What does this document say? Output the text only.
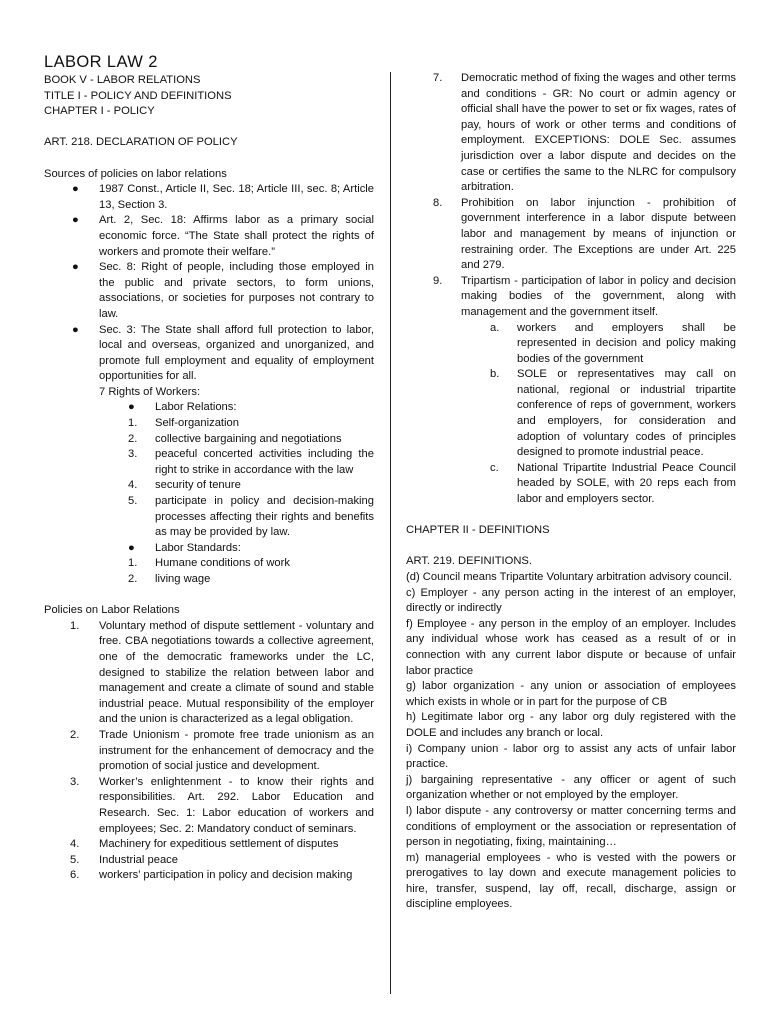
LABOR LAW 2

BOOK V - LABOR RELATIONS

TITLE I - POLICY AND DEFINITIONS

CHAPTER I - POLICY

ART. 218. DECLARATION OF POLICY

Sources of policies on labor relations

● 1987 Const., Article II, Sec. 18; Article III, sec. 8; Article 13, Section 3.
● Art. 2, Sec. 18: Affirms labor as a primary social economic force. “The State shall protect the rights of workers and promote their welfare.”
● Sec. 8: Right of people, including those employed in the public and private sectors, to form unions, associations, or societies for purposes not contrary to law.
● Sec. 3: The State shall afford full protection to labor, local and overseas, organized and unorganized, and promote full employment and equality of employment opportunities for all.

7 Rights of Workers:

● Labor Relations:
1. Self-organization
2. collective bargaining and negotiations
3. peaceful concerted activities including the right to strike in accordance with the law
4. security of tenure
5. participate in policy and decision-making processes affecting their rights and benefits as may be provided by law.
● Labor Standards:
1. Humane conditions of work
2. living wage

Policies on Labor Relations

1. Voluntary method of dispute settlement - voluntary and free. CBA negotiations towards a collective agreement, one of the democratic frameworks under the LC, designed to stabilize the relation between labor and management and create a climate of sound and stable industrial peace. Mutual responsibility of the employer and the union is characterized as a legal obligation.
2. Trade Unionism - promote free trade unionism as an instrument for the enhancement of democracy and the promotion of social justice and development.
3. Worker’s enlightenment - to know their rights and responsibilities. Art. 292. Labor Education and Research. Sec. 1: Labor education of workers and employees; Sec. 2: Mandatory conduct of seminars.
4. Machinery for expeditious settlement of disputes
5. Industrial peace
6. workers’ participation in policy and decision making
7. Democratic method of fixing the wages and other terms and conditions - GR: No court or admin agency or official shall have the power to set or fix wages, rates of pay, hours of work or other terms and conditions of employment. EXCEPTIONS: DOLE Sec. assumes jurisdiction over a labor dispute and decides on the case or certifies the same to the NLRC for compulsory arbitration.
8. Prohibition on labor injunction - prohibition of government interference in a labor dispute between labor and management by means of injunction or restraining order. The Exceptions are under Art. 225 and 279.
9. Tripartism - participation of labor in policy and decision making bodies of the government, along with management and the government itself.
a. workers and employers shall be represented in decision and policy making bodies of the government
b. SOLE or representatives may call on national, regional or industrial tripartite conference of reps of government, workers and employers, for consideration and adoption of voluntary codes of principles designed to promote industrial peace.
c. National Tripartite Industrial Peace Council headed by SOLE, with 20 reps each from labor and employers sector.

CHAPTER II - DEFINITIONS

ART. 219. DEFINITIONS.

(d) Council means Tripartite Voluntary arbitration advisory council.

c) Employer - any person acting in the interest of an employer, directly or indirectly

f) Employee - any person in the employ of an employer. Includes any individual whose work has ceased as a result of or in connection with any current labor dispute or because of unfair labor practice

g) labor organization - any union or association of employees which exists in whole or in part for the purpose of CB

h) Legitimate labor org - any labor org duly registered with the DOLE and includes any branch or local.

i) Company union - labor org to assist any acts of unfair labor practice.

j) bargaining representative - any officer or agent of such organization whether or not employed by the employer.

l) labor dispute - any controversy or matter concerning terms and conditions of employment or the association or representation of person in negotiating, fixing, maintaining…

m) managerial employees - who is vested with the powers or prerogatives to lay down and execute management policies to hire, transfer, suspend, lay off, recall, discharge, assign or discipline employees.
